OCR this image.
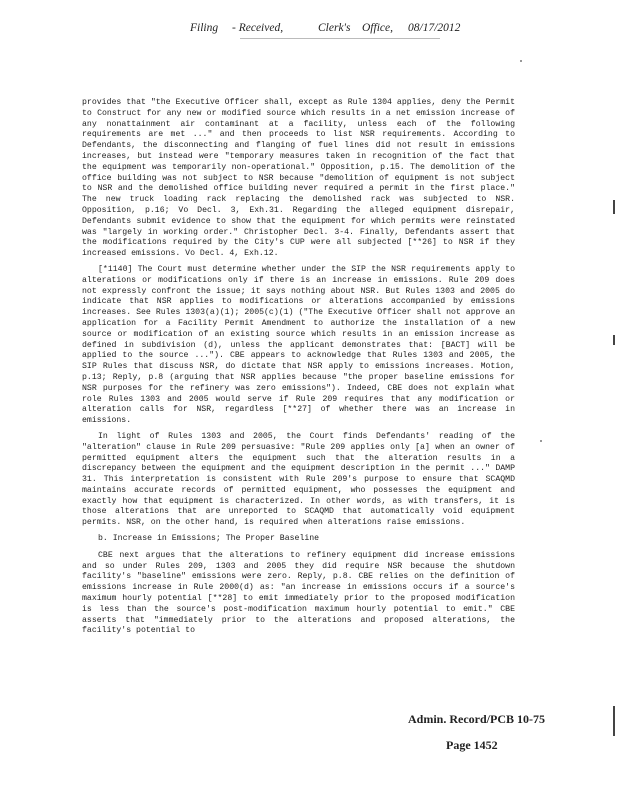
Filing - Received,	Clerk's Office, 08/17/2012

provides that "the Executive Officer shall, except as Rule 1304 applies, deny the Permit to Construct for any new or modified source which results in a net emission increase of any nonattainment air contaminant at a facility, unless each of the following requirements are met ..." and then proceeds to list NSR requirements. According to Defendants, the disconnecting and flanging of fuel lines did not result in emissions increases, but instead were "temporary measures taken in recognition of the fact that the equipment was temporarily non-operational." Opposition, p.15. The demolition of the office building was not subject to NSR because "demolition of equipment is not subject to NSR and the demolished office building never required a permit in the first place." The new truck loading rack replacing the demolished rack was subjected to NSR. Opposition, p.16; Vo Decl. 3, Exh.31. Regarding the alleged equipment disrepair, Defendants submit evidence to show that the equipment for which permits were reinstated was "largely in working order." Christopher Decl. 3-4. Finally, Defendants assert that the modifications required by the City's CUP were all subjected [**26] to NSR if they increased emissions. Vo Decl. 4, Exh.12.

[*1140] The Court must determine whether under the SIP the NSR requirements apply to alterations or modifications only if there is an increase in emissions. Rule 209 does not expressly confront the issue; it says nothing about NSR. But Rules 1303 and 2005 do indicate that NSR applies to modifications or alterations accompanied by emissions increases. See Rules 1303(a)(1); 2005(c)(1) ("The Executive Officer shall not approve an application for a Facility Permit Amendment to authorize the installation of a new source or modification of an existing source which results in an emission increase as defined in subdivision (d), unless the applicant demonstrates that: [BACT] will be applied to the source ..."). CBE appears to acknowledge that Rules 1303 and 2005, the SIP Rules that discuss NSR, do dictate that NSR apply to emissions increases. Motion, p.13; Reply, p.8 (arguing that NSR applies because "the proper baseline emissions for NSR purposes for the refinery was zero emissions"). Indeed, CBE does not explain what role Rules 1303 and 2005 would serve if Rule 209 requires that any modification or alteration calls for NSR, regardless [**27] of whether there was an increase in emissions.

In light of Rules 1303 and 2005, the Court finds Defendants' reading of the "alteration" clause in Rule 209 persuasive: "Rule 209 applies only [a] when an owner of permitted equipment alters the equipment such that the alteration results in a discrepancy between the equipment and the equipment description in the permit ..." DAMP 31. This interpretation is consistent with Rule 209's purpose to ensure that SCAQMD maintains accurate records of permitted equipment, who possesses the equipment and exactly how that equipment is characterized. In other words, as with transfers, it is those alterations that are unreported to SCAQMD that automatically void equipment permits. NSR, on the other hand, is required when alterations raise emissions.

b. Increase in Emissions; The Proper Baseline

CBE next argues that the alterations to refinery equipment did increase emissions and so under Rules 209, 1303 and 2005 they did require NSR because the shutdown facility's "baseline" emissions were zero. Reply, p.8. CBE relies on the definition of emissions increase in Rule 2000(d) as: "an increase in emissions occurs if a source's maximum hourly potential [**28] to emit immediately prior to the proposed modification is less than the source's post-modification maximum hourly potential to emit." CBE asserts that "immediately prior to the alterations and proposed alterations, the facility's potential to

Admin. Record/PCB 10-75
Page 1452
